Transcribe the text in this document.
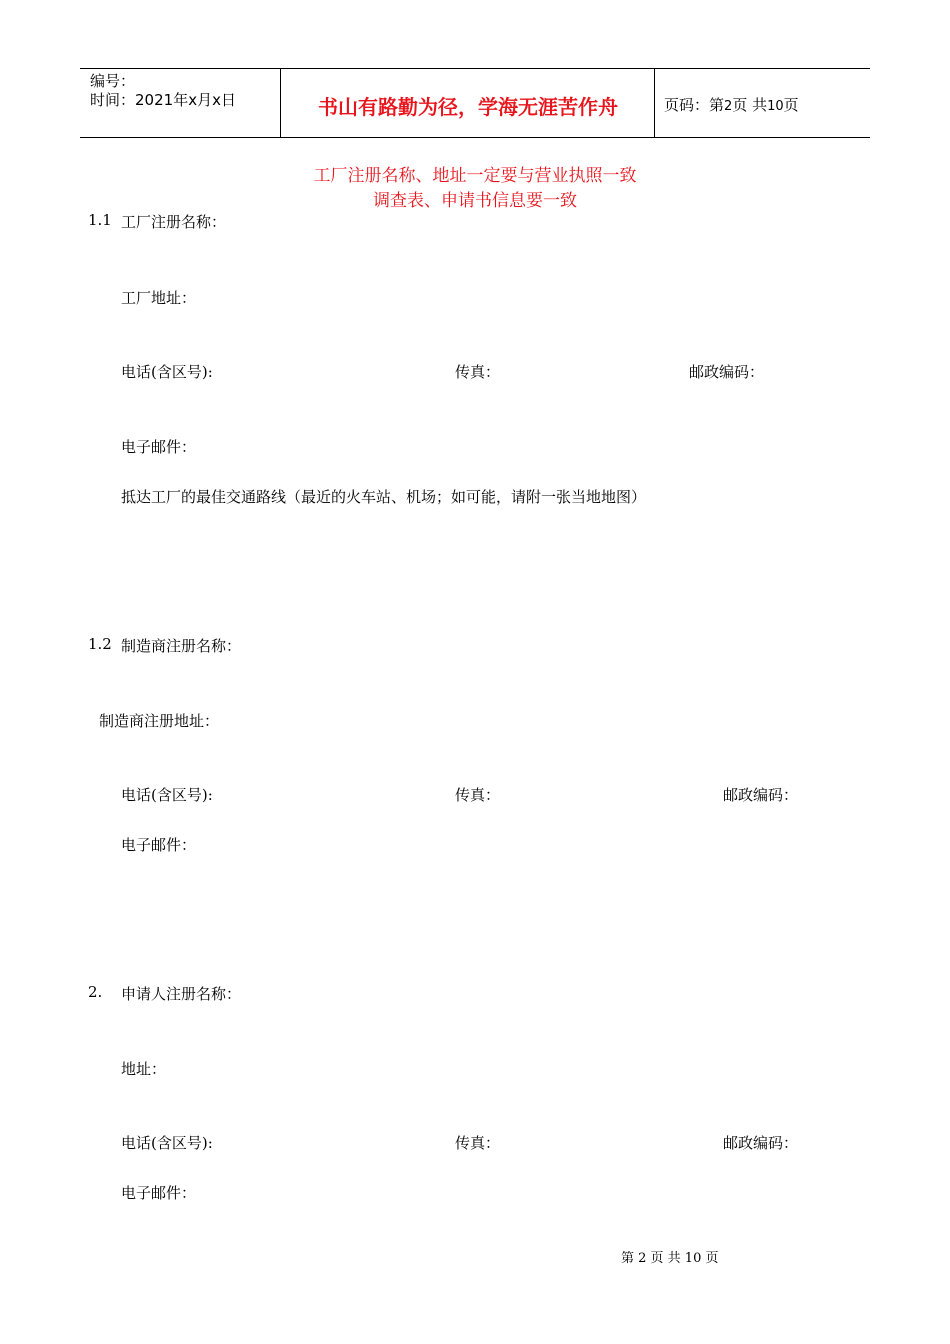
编号：
时间：2021年x月x日	书山有路勤为径，学海无涯苦作舟	页码：第2页 共10页
工厂注册名称、地址一定要与营业执照一致
调查表、申请书信息要一致
1.1 工厂注册名称：
工厂地址：
电话(含区号):	传真：	邮政编码：
电子邮件：
抵达工厂的最佳交通路线（最近的火车站、机场；如可能，请附一张当地地图）
1.2 制造商注册名称：
制造商注册地址：
电话(含区号):	传真：	邮政编码：
电子邮件：
2. 申请人注册名称：
地址：
电话(含区号):	传真：	邮政编码：
电子邮件：
第 2 页 共 10 页
